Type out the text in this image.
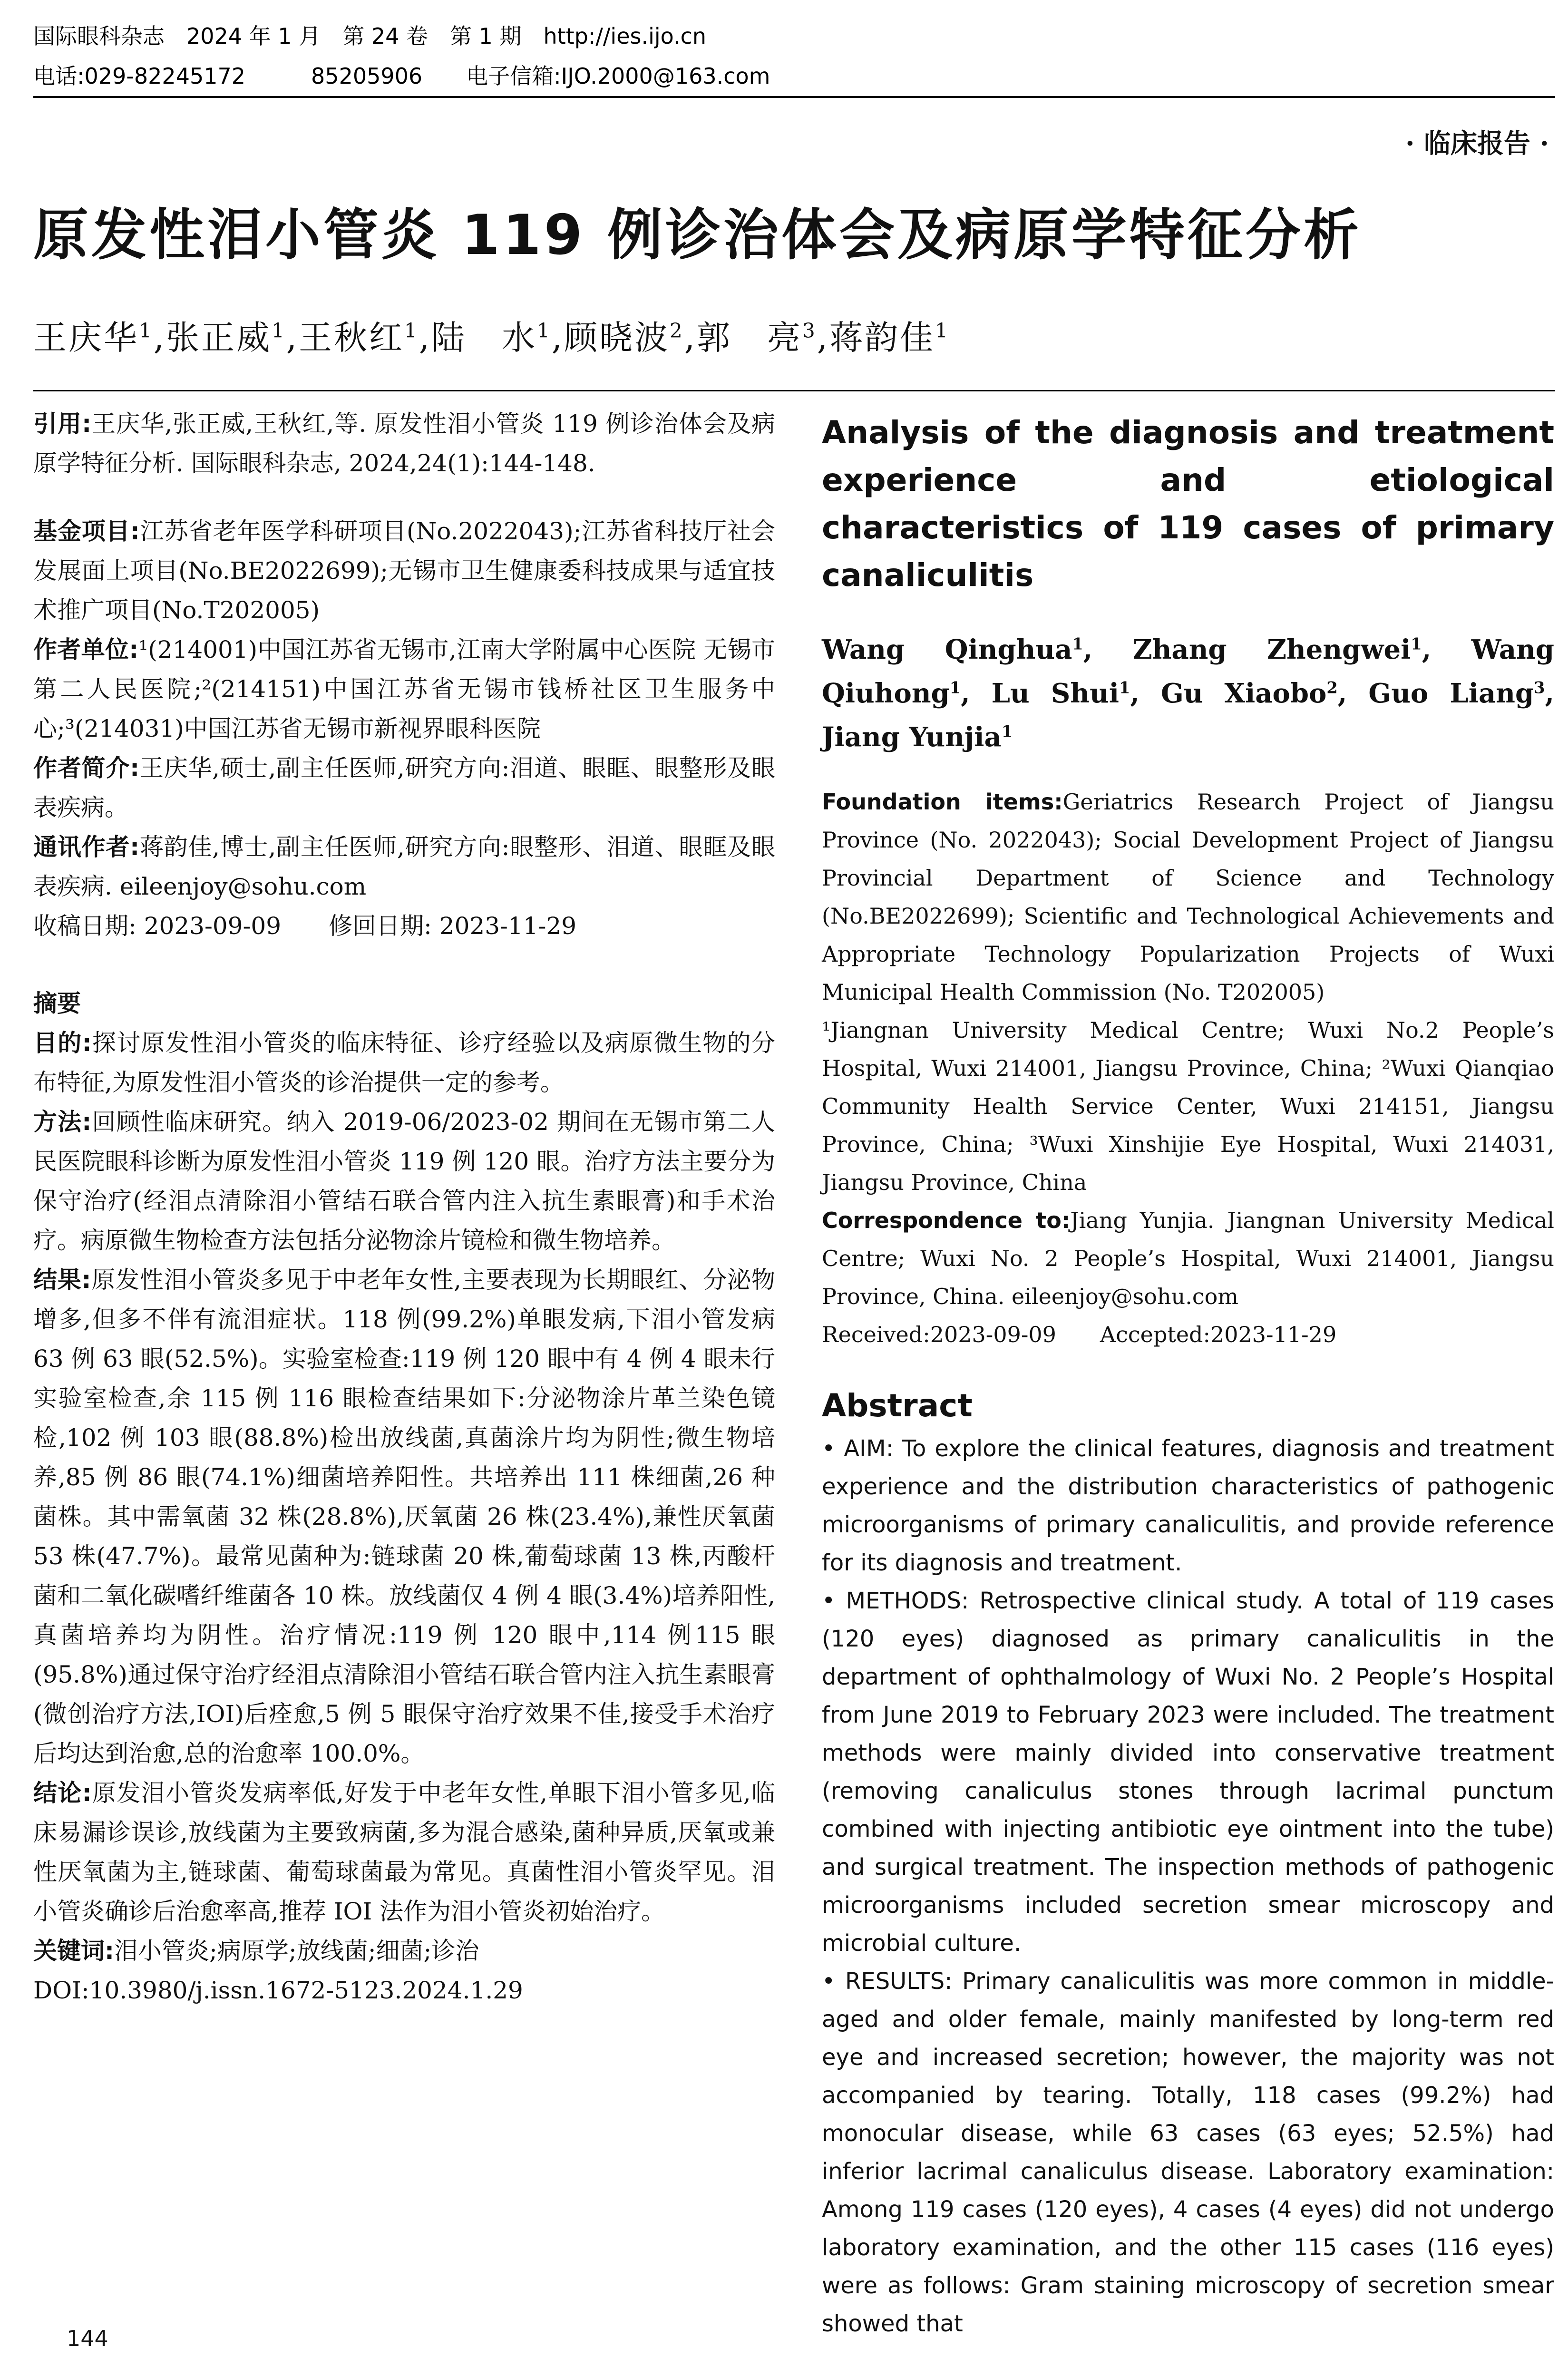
国际眼科杂志　2024 年 1 月　第 24 卷　第 1 期　http://ies.ijo.cn
电话:029-82245172　　　85205906　　电子信箱:IJO.2000@163.com
· 临床报告 ·
原发性泪小管炎 119 例诊治体会及病原学特征分析
王庆华$^1$,张正威$^1$,王秋红$^1$,陆　水$^1$,顾晓波$^2$,郭　亮$^3$,蒋韵佳$^1$

引用:王庆华,张正威,王秋红,等. 原发性泪小管炎 119 例诊治体会及病原学特征分析. 国际眼科杂志, 2024,24(1):144-148.

基金项目:江苏省老年医学科研项目(No.2022043);江苏省科技厅社会发展面上项目(No.BE2022699);无锡市卫生健康委科技成果与适宜技术推广项目(No.T202005)

作者单位:¹(214001)中国江苏省无锡市,江南大学附属中心医院 无锡市第二人民医院;²(214151)中国江苏省无锡市钱桥社区卫生服务中心;³(214031)中国江苏省无锡市新视界眼科医院

作者简介:王庆华,硕士,副主任医师,研究方向:泪道、眼眶、眼整形及眼表疾病。

通讯作者:蒋韵佳,博士,副主任医师,研究方向:眼整形、泪道、眼眶及眼表疾病. eileenjoy@sohu.com

收稿日期: 2023-09-09　　修回日期: 2023-11-29

摘要

目的:探讨原发性泪小管炎的临床特征、诊疗经验以及病原微生物的分布特征,为原发性泪小管炎的诊治提供一定的参考。

方法:回顾性临床研究。纳入 2019-06/2023-02 期间在无锡市第二人民医院眼科诊断为原发性泪小管炎 119 例 120 眼。治疗方法主要分为保守治疗(经泪点清除泪小管结石联合管内注入抗生素眼膏)和手术治疗。病原微生物检查方法包括分泌物涂片镜检和微生物培养。

结果:原发性泪小管炎多见于中老年女性,主要表现为长期眼红、分泌物增多,但多不伴有流泪症状。118 例(99.2%)单眼发病,下泪小管发病 63 例 63 眼(52.5%)。实验室检查:119 例 120 眼中有 4 例 4 眼未行实验室检查,余 115 例 116 眼检查结果如下:分泌物涂片革兰染色镜检,102 例 103 眼(88.8%)检出放线菌,真菌涂片均为阴性;微生物培养,85 例 86 眼(74.1%)细菌培养阳性。共培养出 111 株细菌,26 种菌株。其中需氧菌 32 株(28.8%),厌氧菌 26 株(23.4%),兼性厌氧菌 53 株(47.7%)。最常见菌种为:链球菌 20 株,葡萄球菌 13 株,丙酸杆菌和二氧化碳嗜纤维菌各 10 株。放线菌仅 4 例 4 眼(3.4%)培养阳性,真菌培养均为阴性。治疗情况:119 例 120 眼中,114 例115 眼(95.8%)通过保守治疗经泪点清除泪小管结石联合管内注入抗生素眼膏(微创治疗方法,IOI)后痊愈,5 例 5 眼保守治疗效果不佳,接受手术治疗后均达到治愈,总的治愈率 100.0%。

结论:原发泪小管炎发病率低,好发于中老年女性,单眼下泪小管多见,临床易漏诊误诊,放线菌为主要致病菌,多为混合感染,菌种异质,厌氧或兼性厌氧菌为主,链球菌、葡萄球菌最为常见。真菌性泪小管炎罕见。泪小管炎确诊后治愈率高,推荐 IOI 法作为泪小管炎初始治疗。

关键词:泪小管炎;病原学;放线菌;细菌;诊治

DOI:10.3980/j.issn.1672-5123.2024.1.29

Analysis of the diagnosis and treatment experience and etiological characteristics of 119 cases of primary canaliculitis

Wang Qinghua$^1$, Zhang Zhengwei$^1$, Wang Qiuhong$^1$, Lu Shui$^1$, Gu Xiaobo$^2$, Guo Liang$^3$, Jiang Yunjia$^1$

Foundation items:Geriatrics Research Project of Jiangsu Province (No. 2022043); Social Development Project of Jiangsu Provincial Department of Science and Technology (No.BE2022699); Scientific and Technological Achievements and Appropriate Technology Popularization Projects of Wuxi Municipal Health Commission (No. T202005)

¹Jiangnan University Medical Centre; Wuxi No.2 People’s Hospital, Wuxi 214001, Jiangsu Province, China; ²Wuxi Qianqiao Community Health Service Center, Wuxi 214151, Jiangsu Province, China; ³Wuxi Xinshijie Eye Hospital, Wuxi 214031, Jiangsu Province, China

Correspondence to:Jiang Yunjia. Jiangnan University Medical Centre; Wuxi No. 2 People’s Hospital, Wuxi 214001, Jiangsu Province, China. eileenjoy@sohu.com

Received:2023-09-09　　Accepted:2023-11-29

Abstract

• AIM: To explore the clinical features, diagnosis and treatment experience and the distribution characteristics of pathogenic microorganisms of primary canaliculitis, and provide reference for its diagnosis and treatment.

• METHODS: Retrospective clinical study. A total of 119 cases (120 eyes) diagnosed as primary canaliculitis in the department of ophthalmology of Wuxi No. 2 People’s Hospital from June 2019 to February 2023 were included. The treatment methods were mainly divided into conservative treatment (removing canaliculus stones through lacrimal punctum combined with injecting antibiotic eye ointment into the tube) and surgical treatment. The inspection methods of pathogenic microorganisms included secretion smear microscopy and microbial culture.

• RESULTS: Primary canaliculitis was more common in middle-aged and older female, mainly manifested by long-term red eye and increased secretion; however, the majority was not accompanied by tearing. Totally, 118 cases (99.2%) had monocular disease, while 63 cases (63 eyes; 52.5%) had inferior lacrimal canaliculus disease. Laboratory examination: Among 119 cases (120 eyes), 4 cases (4 eyes) did not undergo laboratory examination, and the other 115 cases (116 eyes) were as follows: Gram staining microscopy of secretion smear showed that

144
